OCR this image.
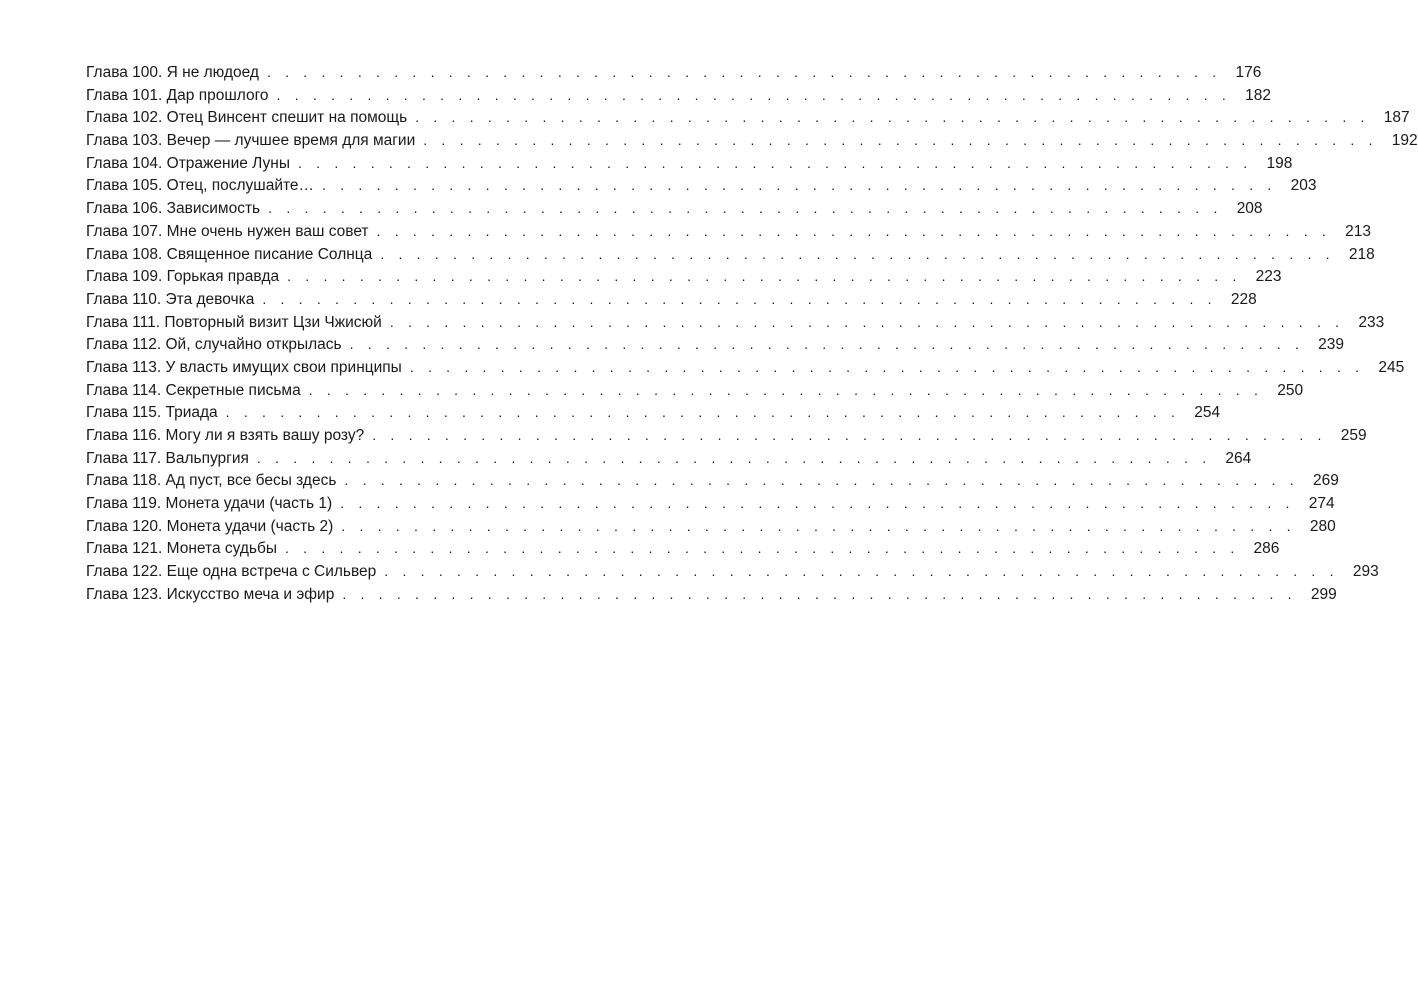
Глава 100. Я не людоед . . . . . . . . . . . . . . . . . . . . . . . . . . . . . . . . . . . . . . . . . . . . . . . . . . . . . 176
Глава 101. Дар прошлого . . . . . . . . . . . . . . . . . . . . . . . . . . . . . . . . . . . . . . . . . . . . . . . . . . . . . 182
Глава 102. Отец Винсент спешит на помощь . . . . . . . . . . . . . . . . . . . . . . . . . . . . . . . . . . . . . . . . . . . . . . . . . . . . . 187
Глава 103. Вечер — лучшее время для магии . . . . . . . . . . . . . . . . . . . . . . . . . . . . . . . . . . . . . . . . . . . . . . . . . . . . . 192
Глава 104. Отражение Луны . . . . . . . . . . . . . . . . . . . . . . . . . . . . . . . . . . . . . . . . . . . . . . . . . . . . . 198
Глава 105. Отец, послушайте… . . . . . . . . . . . . . . . . . . . . . . . . . . . . . . . . . . . . . . . . . . . . . . . . . . . . . 203
Глава 106. Зависимость . . . . . . . . . . . . . . . . . . . . . . . . . . . . . . . . . . . . . . . . . . . . . . . . . . . . . 208
Глава 107. Мне очень нужен ваш совет . . . . . . . . . . . . . . . . . . . . . . . . . . . . . . . . . . . . . . . . . . . . . . . . . . . . . 213
Глава 108. Священное писание Солнца . . . . . . . . . . . . . . . . . . . . . . . . . . . . . . . . . . . . . . . . . . . . . . . . . . . . . 218
Глава 109. Горькая правда . . . . . . . . . . . . . . . . . . . . . . . . . . . . . . . . . . . . . . . . . . . . . . . . . . . . . 223
Глава 110. Эта девочка . . . . . . . . . . . . . . . . . . . . . . . . . . . . . . . . . . . . . . . . . . . . . . . . . . . . . 228
Глава 111. Повторный визит Цзи Чжисюй . . . . . . . . . . . . . . . . . . . . . . . . . . . . . . . . . . . . . . . . . . . . . . . . . . . . . 233
Глава 112. Ой, случайно открылась . . . . . . . . . . . . . . . . . . . . . . . . . . . . . . . . . . . . . . . . . . . . . . . . . . . . . 239
Глава 113. У власть имущих свои принципы . . . . . . . . . . . . . . . . . . . . . . . . . . . . . . . . . . . . . . . . . . . . . . . . . . . . . 245
Глава 114. Секретные письма . . . . . . . . . . . . . . . . . . . . . . . . . . . . . . . . . . . . . . . . . . . . . . . . . . . . . 250
Глава 115. Триада . . . . . . . . . . . . . . . . . . . . . . . . . . . . . . . . . . . . . . . . . . . . . . . . . . . . . 254
Глава 116. Могу ли я взять вашу розу? . . . . . . . . . . . . . . . . . . . . . . . . . . . . . . . . . . . . . . . . . . . . . . . . . . . . . 259
Глава 117. Вальпургия . . . . . . . . . . . . . . . . . . . . . . . . . . . . . . . . . . . . . . . . . . . . . . . . . . . . . 264
Глава 118. Ад пуст, все бесы здесь . . . . . . . . . . . . . . . . . . . . . . . . . . . . . . . . . . . . . . . . . . . . . . . . . . . . . 269
Глава 119. Монета удачи (часть 1) . . . . . . . . . . . . . . . . . . . . . . . . . . . . . . . . . . . . . . . . . . . . . . . . . . . . . 274
Глава 120. Монета удачи (часть 2) . . . . . . . . . . . . . . . . . . . . . . . . . . . . . . . . . . . . . . . . . . . . . . . . . . . . . 280
Глава 121. Монета судьбы . . . . . . . . . . . . . . . . . . . . . . . . . . . . . . . . . . . . . . . . . . . . . . . . . . . . . 286
Глава 122. Еще одна встреча с Сильвер . . . . . . . . . . . . . . . . . . . . . . . . . . . . . . . . . . . . . . . . . . . . . . . . . . . . . 293
Глава 123. Искусство меча и эфир . . . . . . . . . . . . . . . . . . . . . . . . . . . . . . . . . . . . . . . . . . . . . . . . . . . . . 299
